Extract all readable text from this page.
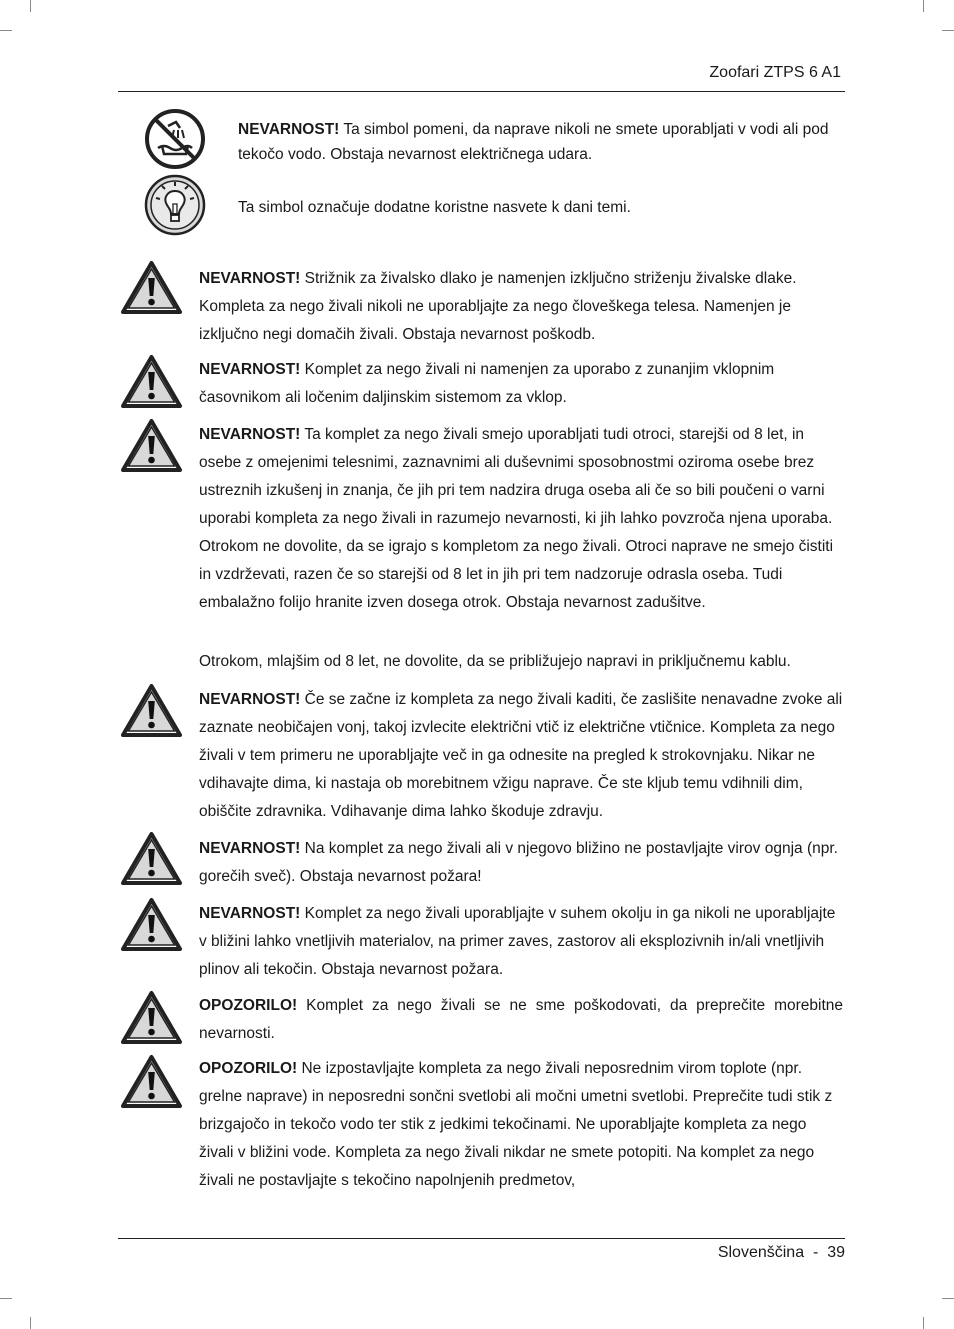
Zoofari ZTPS 6 A1
NEVARNOST! Ta simbol pomeni, da naprave nikoli ne smete uporabljati v vodi ali pod tekočo vodo. Obstaja nevarnost električnega udara.
Ta simbol označuje dodatne koristne nasvete k dani temi.

NEVARNOST! Strižnik za živalsko dlako je namenjen izključno striženju živalske dlake. Kompleta za nego živali nikoli ne uporabljajte za nego človeškega telesa. Namenjen je izključno negi domačih živali. Obstaja nevarnost poškodb.

NEVARNOST! Komplet za nego živali ni namenjen za uporabo z zunanjim vklopnim časovnikom ali ločenim daljinskim sistemom za vklop.

NEVARNOST! Ta komplet za nego živali smejo uporabljati tudi otroci, starejši od 8 let, in osebe z omejenimi telesnimi, zaznavnimi ali duševnimi sposobnostmi oziroma osebe brez ustreznih izkušenj in znanja, če jih pri tem nadzira druga oseba ali če so bili poučeni o varni uporabi kompleta za nego živali in razumejo nevarnosti, ki jih lahko povzroča njena uporaba. Otrokom ne dovolite, da se igrajo s kompletom za nego živali. Otroci naprave ne smejo čistiti in vzdrževati, razen če so starejši od 8 let in jih pri tem nadzoruje odrasla oseba. Tudi embalažno folijo hranite izven dosega otrok. Obstaja nevarnost zadušitve.

Otrokom, mlajšim od 8 let, ne dovolite, da se približujejo napravi in priključnemu kablu.

NEVARNOST! Če se začne iz kompleta za nego živali kaditi, če zaslišite nenavadne zvoke ali zaznate neobičajen vonj, takoj izvlecite električni vtič iz električne vtičnice. Kompleta za nego živali v tem primeru ne uporabljajte več in ga odnesite na pregled k strokovnjaku. Nikar ne vdihavajte dima, ki nastaja ob morebitnem vžigu naprave. Če ste kljub temu vdihnili dim, obiščite zdravnika. Vdihavanje dima lahko škoduje zdravju.

NEVARNOST! Na komplet za nego živali ali v njegovo bližino ne postavljajte virov ognja (npr. gorečih sveč). Obstaja nevarnost požara!

NEVARNOST! Komplet za nego živali uporabljajte v suhem okolju in ga nikoli ne uporabljajte v bližini lahko vnetljivih materialov, na primer zaves, zastorov ali eksplozivnih in/ali vnetljivih plinov ali tekočin. Obstaja nevarnost požara.

OPOZORILO! Komplet za nego živali se ne sme poškodovati, da preprečite morebitne nevarnosti.

OPOZORILO! Ne izpostavljajte kompleta za nego živali neposrednim virom toplote (npr. grelne naprave) in neposredni sončni svetlobi ali močni umetni svetlobi. Preprečite tudi stik z brizgajočo in tekočo vodo ter stik z jedkimi tekočinami. Ne uporabljajte kompleta za nego živali v bližini vode. Kompleta za nego živali nikdar ne smete potopiti. Na komplet za nego živali ne postavljajte s tekočino napolnjenih predmetov,

Slovenščina  -  39
